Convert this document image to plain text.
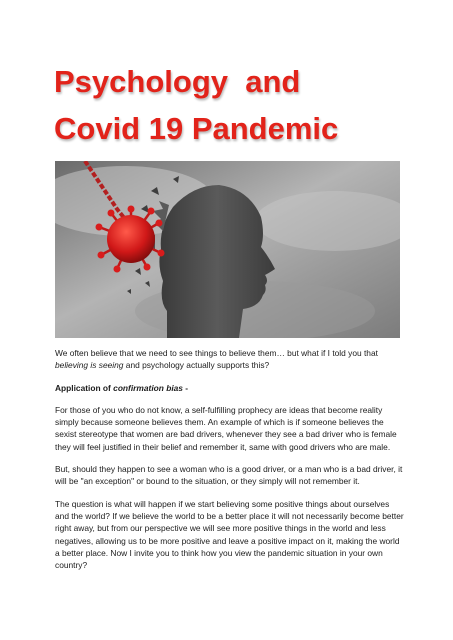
Psychology  and
Covid 19 Pandemic

We often believe that we need to see things to believe them… but what if I told you that believing is seeing and psychology actually supports this?

Application of confirmation bias -

For those of you who do not know, a self-fulfilling prophecy are ideas that become reality simply because someone believes them. An example of which is if someone believes the sexist stereotype that women are bad drivers, whenever they see a bad driver who is female they will feel justified in their belief and remember it, same with good drivers who are male.

But, should they happen to see a woman who is a good driver, or a man who is a bad driver, it will be "an exception" or bound to the situation, or they simply will not remember it.

The question is what will happen if we start believing some positive things about ourselves and the world? If we believe the world to be a better place it will not necessarily become better right away, but from our perspective we will see more positive things in the world and less negatives, allowing us to be more positive and leave a positive impact on it, making the world a better place. Now I invite you to think how you view the pandemic situation in your own country?
